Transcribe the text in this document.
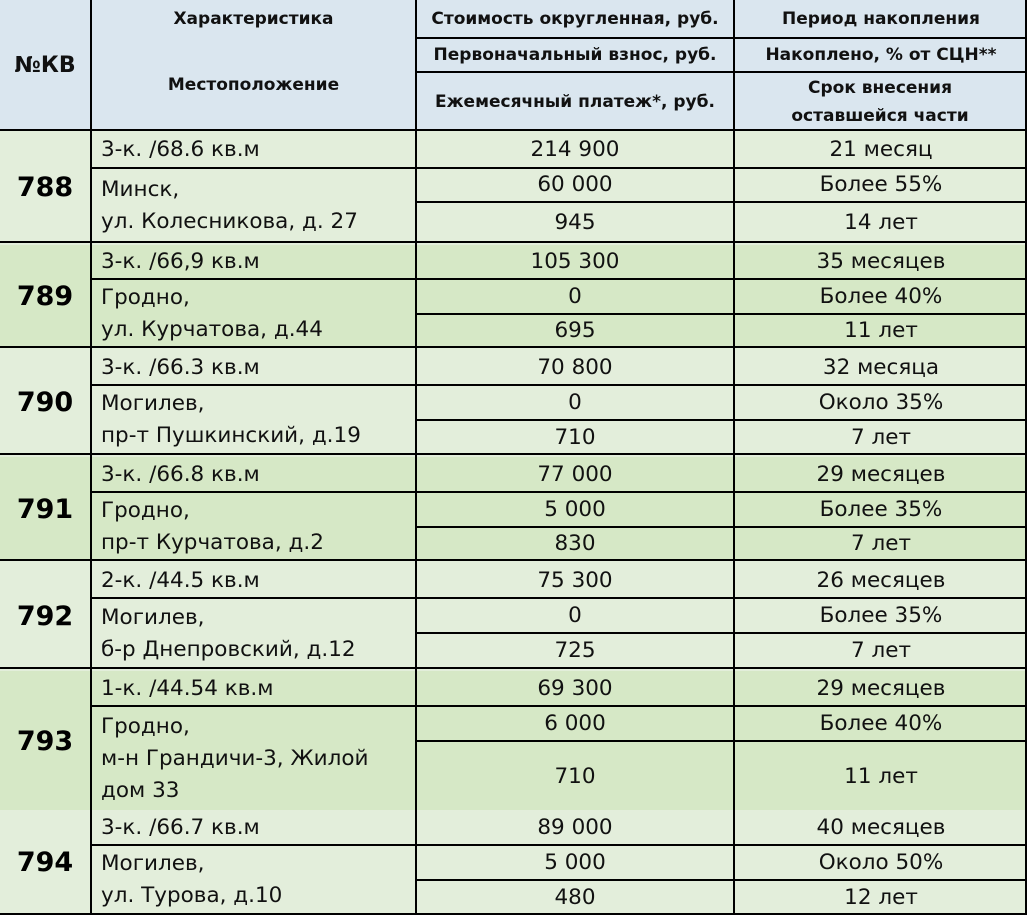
№КВ
Характеристика
Местоположение
Стоимость округленная, руб.
Первоначальный взнос, руб.
Ежемесячный платеж*, руб.
Период накопления
Накоплено, % от СЦН**
Срок внесения оставшейся части
788
3-к. /68.6 кв.м
Минск,
ул. Колесникова, д. 27
214 900
60 000
945
21 месяц
Более 55%
14 лет
789
3-к. /66,9 кв.м
Гродно,
ул. Курчатова, д.44
105 300
0
695
35 месяцев
Более 40%
11 лет
790
3-к. /66.3 кв.м
Могилев,
пр-т Пушкинский, д.19
70 800
0
710
32 месяца
Около 35%
7 лет
791
3-к. /66.8 кв.м
Гродно,
пр-т Курчатова, д.2
77 000
5 000
830
29 месяцев
Более 35%
7 лет
792
2-к. /44.5 кв.м
Могилев,
б-р Днепровский, д.12
75 300
0
725
26 месяцев
Более 35%
7 лет
793
1-к. /44.54 кв.м
Гродно,
м-н Грандичи-3, Жилой
дом 33
69 300
6 000
710
29 месяцев
Более 40%
11 лет
794
3-к. /66.7 кв.м
Могилев,
ул. Турова, д.10
89 000
5 000
480
40 месяцев
Около 50%
12 лет
